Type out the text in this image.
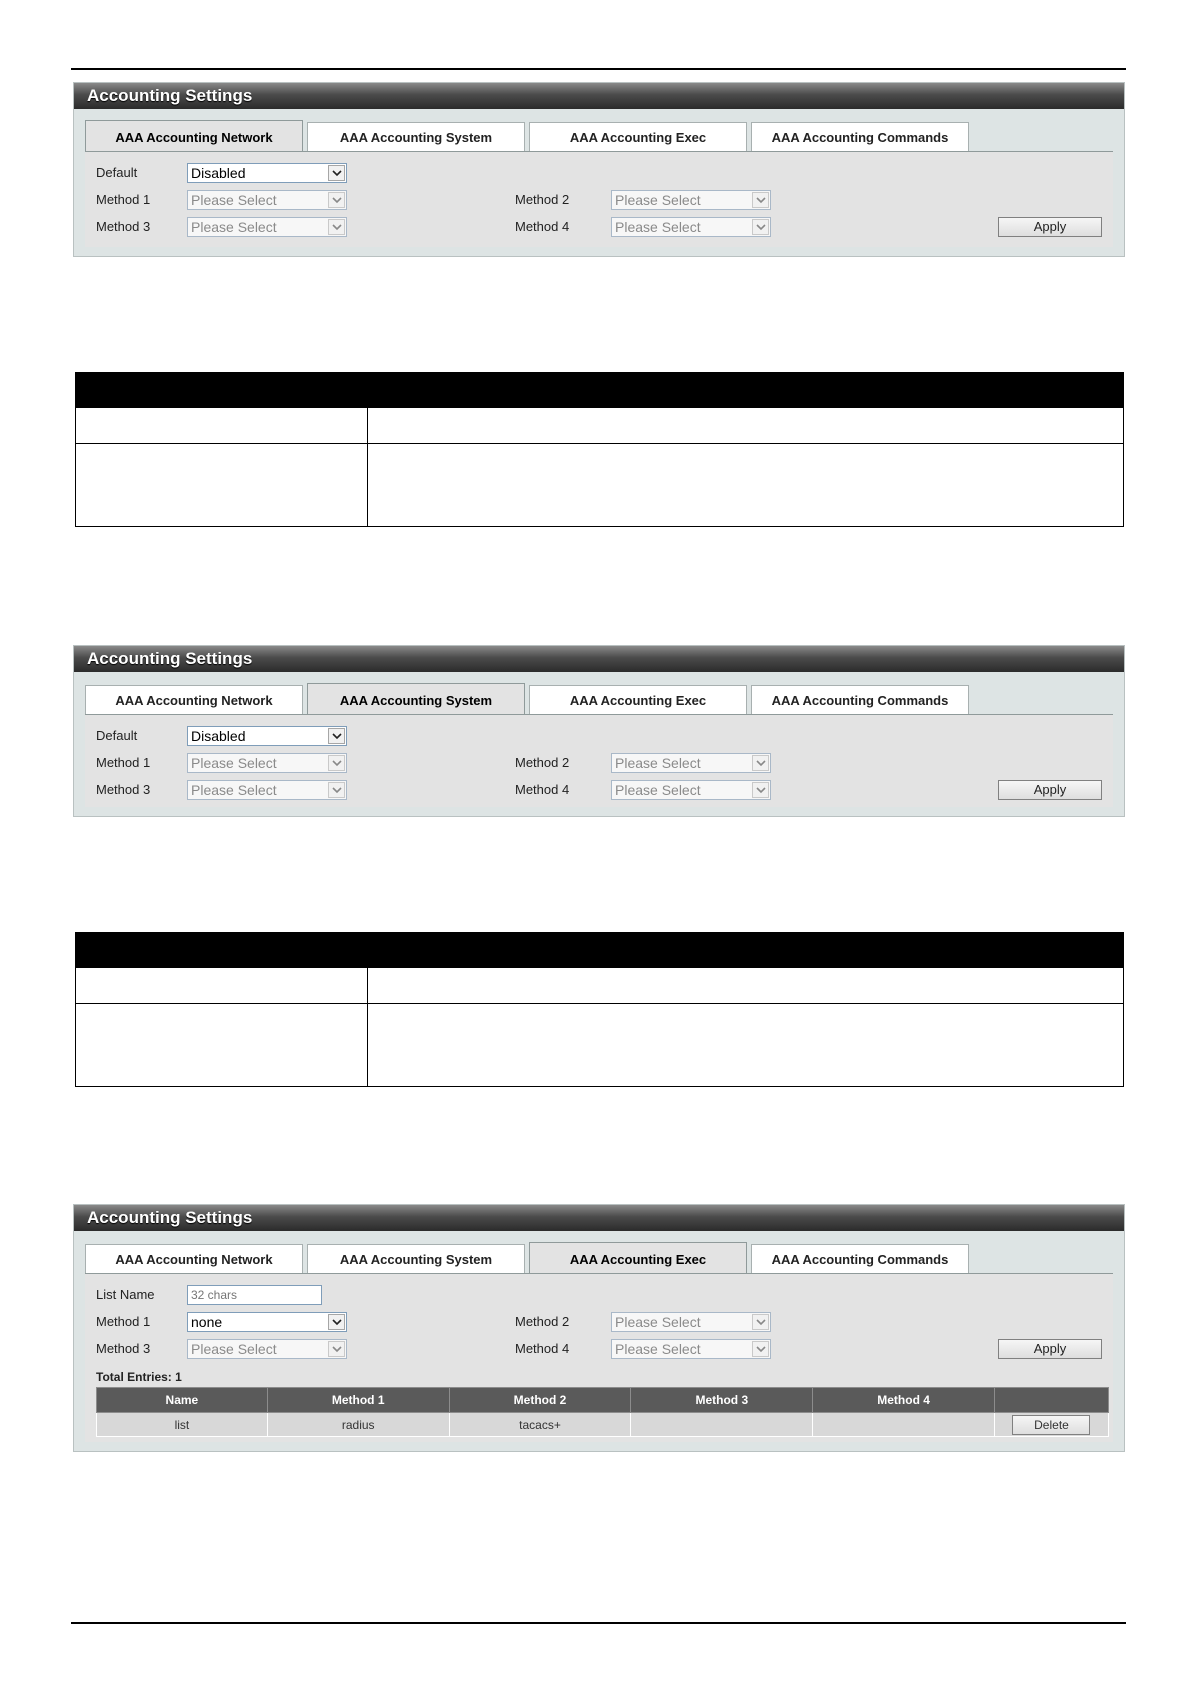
Accounting Settings
AAA Accounting Network	AAA Accounting System	AAA Accounting Exec	AAA Accounting Commands
Default	Disabled
Method 1	Please Select	Method 2	Please Select
Method 3	Please Select	Method 4	Please Select	Apply

Accounting Settings
AAA Accounting Network	AAA Accounting System	AAA Accounting Exec	AAA Accounting Commands
Default	Disabled
Method 1	Please Select	Method 2	Please Select
Method 3	Please Select	Method 4	Please Select	Apply

Accounting Settings
AAA Accounting Network	AAA Accounting System	AAA Accounting Exec	AAA Accounting Commands
List Name
32 chars
Method 1	none	Method 2	Please Select
Method 3	Please Select	Method 4	Please Select	Apply
Total Entries: 1
Name	Method 1	Method 2	Method 3	Method 4	
list	radius	tacacs+			Delete
